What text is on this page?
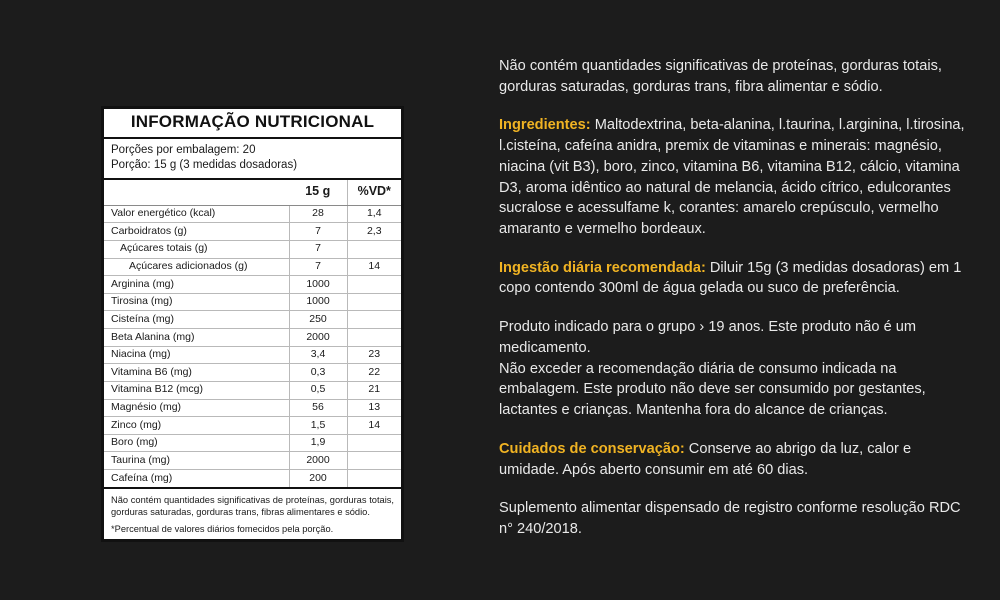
INFORMAÇÃO NUTRICIONAL
Porções por embalagem: 20
Porção: 15 g (3 medidas dosadoras)
	15 g	%VD*
Valor energético (kcal)	28	1,4
Carboidratos (g)	7	2,3
Açúcares totais (g)	7	
Açúcares adicionados (g)	7	14
Arginina (mg)	1000	
Tirosina (mg)	1000	
Cisteína (mg)	250	
Beta Alanina (mg)	2000	
Niacina (mg)	3,4	23
Vitamina B6 (mg)	0,3	22
Vitamina B12 (mcg)	0,5	21
Magnésio (mg)	56	13
Zinco (mg)	1,5	14
Boro (mg)	1,9	
Taurina (mg)	2000	
Cafeína (mg)	200	
Não contém quantidades significativas de proteínas, gorduras totais, gorduras saturadas, gorduras trans, fibras alimentares e sódio.
*Percentual de valores diários fomecidos pela porção.

Não contém quantidades significativas de proteínas, gorduras totais, gorduras saturadas, gorduras trans, fibra alimentar e sódio.

Ingredientes: Maltodextrina, beta-alanina, l.taurina, l.arginina, l.tirosina, l.cisteína, cafeína anidra, premix de vitaminas e minerais: magnésio, niacina (vit B3), boro, zinco, vitamina B6, vitamina B12, cálcio, vitamina D3, aroma idêntico ao natural de melancia, ácido cítrico, edulcorantes sucralose e acessulfame k, corantes: amarelo crepúsculo, vermelho amaranto e vermelho bordeaux.

Ingestão diária recomendada: Diluir 15g (3 medidas dosadoras) em 1 copo contendo 300ml de água gelada ou suco de preferência.

Produto indicado para o grupo › 19 anos. Este produto não é um medicamento.

Não exceder a recomendação diária de consumo indicada na embalagem. Este produto não deve ser consumido por gestantes, lactantes e crianças. Mantenha fora do alcance de crianças.

Cuidados de conservação: Conserve ao abrigo da luz, calor e umidade. Após aberto consumir em até 60 dias.

Suplemento alimentar dispensado de registro conforme resolução RDC n° 240/2018.
